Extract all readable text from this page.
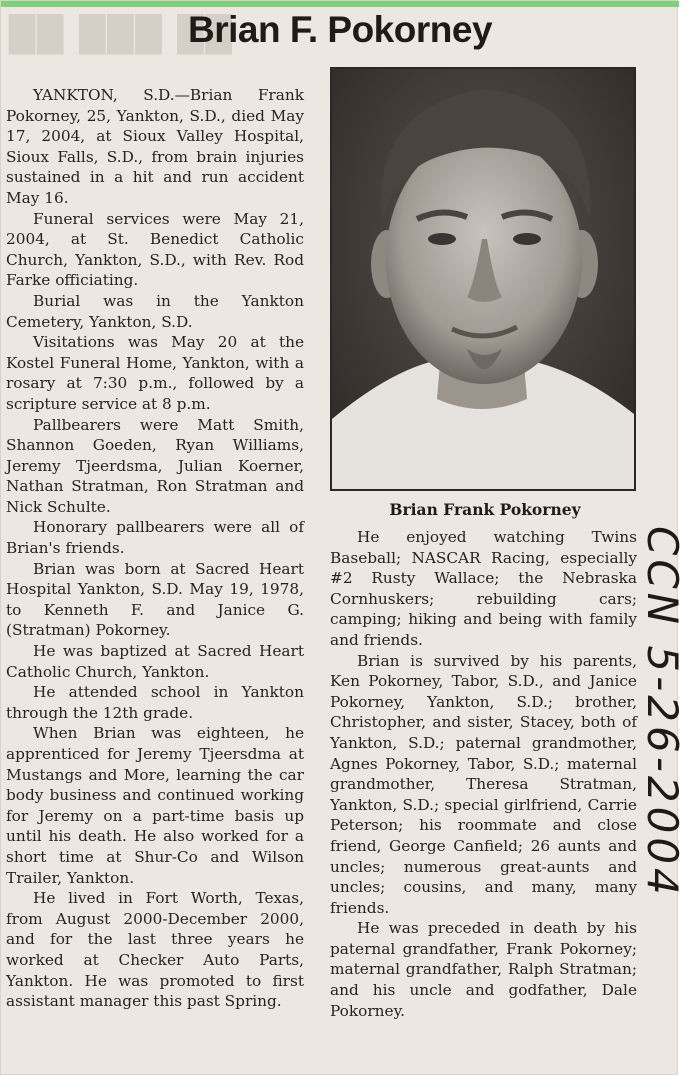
██ ███ ██
Brian F. Pokorney

YANKTON, S.D.—Brian Frank Pokorney, 25, Yankton, S.D., died May 17, 2004, at Sioux Valley Hospital, Sioux Falls, S.D., from brain injuries sustained in a hit and run accident May 16.

Funeral services were May 21, 2004, at St. Benedict Catholic Church, Yankton, S.D., with Rev. Rod Farke officiating.

Burial was in the Yankton Cemetery, Yankton, S.D.

Visitations was May 20 at the Kostel Funeral Home, Yankton, with a rosary at 7:30 p.m., followed by a scripture service at 8 p.m.

Pallbearers were Matt Smith, Shannon Goeden, Ryan Williams, Jeremy Tjeerdsma, Julian Koerner, Nathan Stratman, Ron Stratman and Nick Schulte.

Honorary pallbearers were all of Brian's friends.

Brian was born at Sacred Heart Hospital Yankton, S.D. May 19, 1978, to Kenneth F. and Janice G. (Stratman) Pokorney.

He was baptized at Sacred Heart Catholic Church, Yankton.

He attended school in Yankton through the 12th grade.

When Brian was eighteen, he apprenticed for Jeremy Tjeersdma at Mustangs and More, learning the car body business and continued working for Jeremy on a part-time basis up until his death. He also worked for a short time at Shur-Co and Wilson Trailer, Yankton.

He lived in Fort Worth, Texas, from August 2000-December 2000, and for the last three years he worked at Checker Auto Parts, Yankton. He was promoted to first assistant manager this past Spring.

Brian Frank Pokorney

He enjoyed watching Twins Baseball; NASCAR Racing, especially #2 Rusty Wallace; the Nebraska Cornhuskers; rebuilding cars; camping; hiking and being with family and friends.

Brian is survived by his parents, Ken Pokorney, Tabor, S.D., and Janice Pokorney, Yankton, S.D.; brother, Christopher, and sister, Stacey, both of Yankton, S.D.; paternal grandmother, Agnes Pokorney, Tabor, S.D.; maternal grandmother, Theresa Stratman, Yankton, S.D.; special girlfriend, Carrie Peterson; his roommate and close friend, George Canfield; 26 aunts and uncles; numerous great-aunts and uncles; cousins, and many, many friends.

He was preceded in death by his paternal grandfather, Frank Pokorney; maternal grandfather, Ralph Stratman; and his uncle and godfather, Dale Pokorney.

CCN 5-26-2004
